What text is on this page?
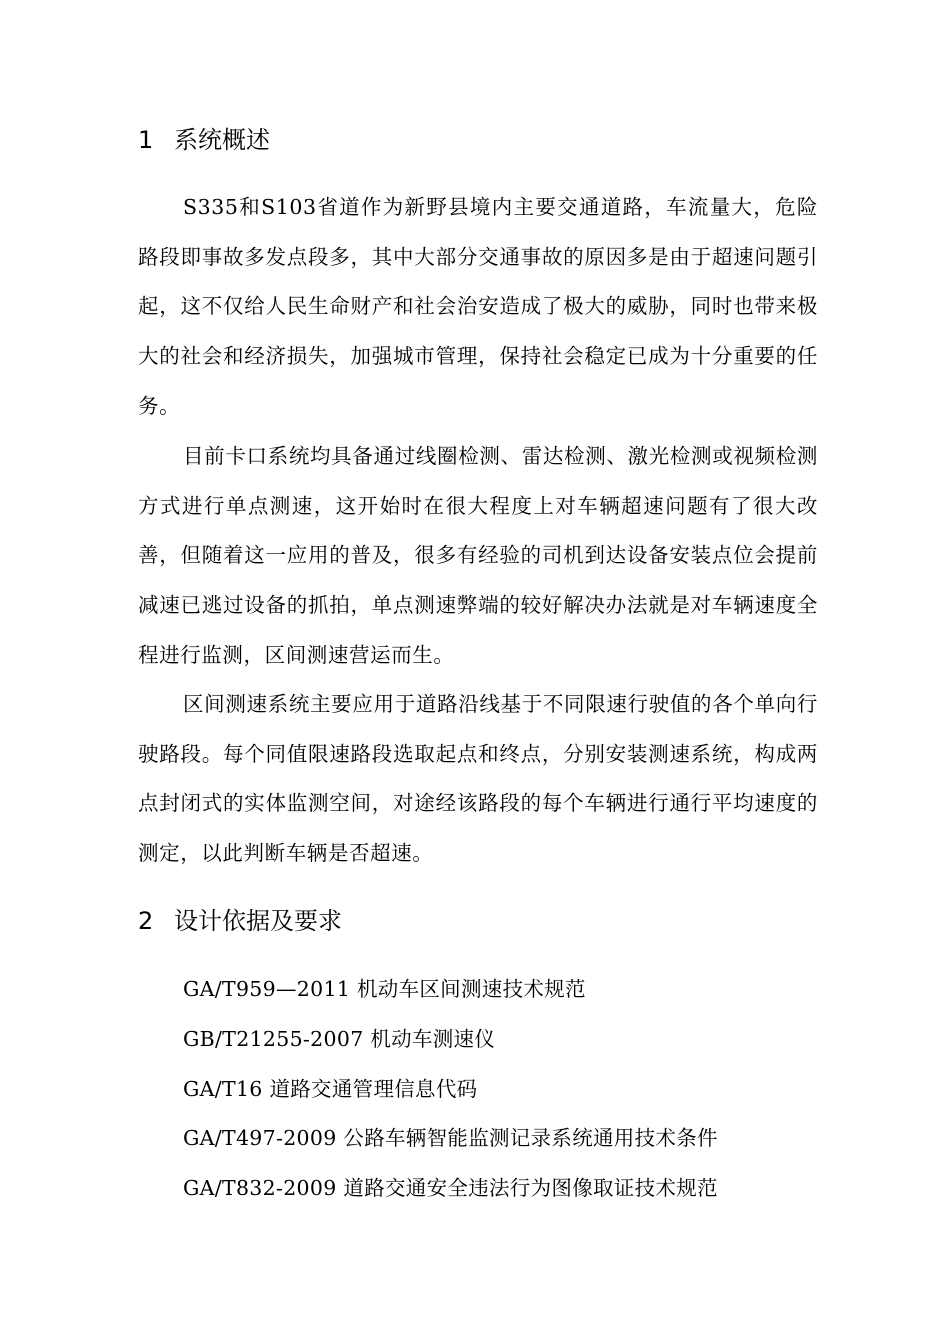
1 系统概述

S335和S103省道作为新野县境内主要交通道路，车流量大，危险路段即事故多发点段多，其中大部分交通事故的原因多是由于超速问题引起，这不仅给人民生命财产和社会治安造成了极大的威胁，同时也带来极大的社会和经济损失，加强城市管理，保持社会稳定已成为十分重要的任务。

目前卡口系统均具备通过线圈检测、雷达检测、激光检测或视频检测方式进行单点测速，这开始时在很大程度上对车辆超速问题有了很大改善，但随着这一应用的普及，很多有经验的司机到达设备安装点位会提前减速已逃过设备的抓拍，单点测速弊端的较好解决办法就是对车辆速度全程进行监测，区间测速营运而生。

区间测速系统主要应用于道路沿线基于不同限速行驶值的各个单向行驶路段。每个同值限速路段选取起点和终点，分别安装测速系统，构成两点封闭式的实体监测空间，对途经该路段的每个车辆进行通行平均速度的测定，以此判断车辆是否超速。

2 设计依据及要求
GA/T959—2011 机动车区间测速技术规范
GB/T21255-2007 机动车测速仪
GA/T16 道路交通管理信息代码
GA/T497-2009 公路车辆智能监测记录系统通用技术条件
GA/T832-2009 道路交通安全违法行为图像取证技术规范
